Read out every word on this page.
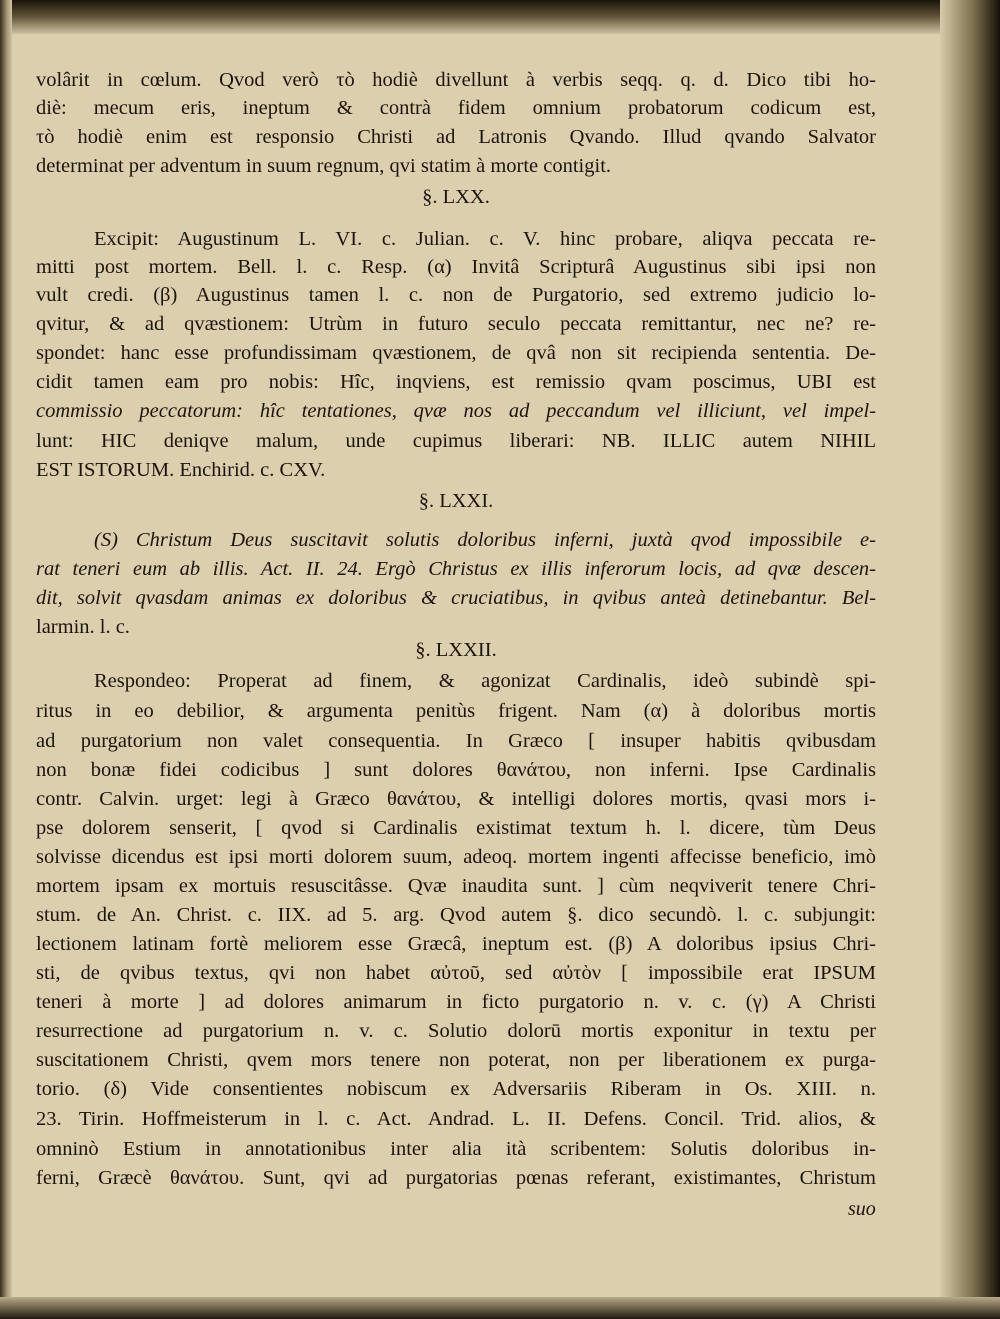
volârit in cœlum. Qvod verò τò hodiè divellunt à verbis seqq. q. d. Dico tibi ho-
diè: mecum eris, ineptum & contrà fidem omnium probatorum codicum est,
τò hodiè enim est responsio Christi ad Latronis Qvando. Illud qvando Salvator
determinat per adventum in suum regnum, qvi statim à morte contigit.
§. LXX.
Excipit: Augustinum L. VI. c. Julian. c. V. hinc probare, aliqva peccata re-
mitti post mortem. Bell. l. c. Resp. (α) Invitâ Scripturâ Augustinus sibi ipsi non
vult credi. (β) Augustinus tamen l. c. non de Purgatorio, sed extremo judicio lo-
qvitur, & ad qvæstionem: Utrùm in futuro seculo peccata remittantur, nec ne? re-
spondet: hanc esse profundissimam qvæstionem, de qvâ non sit recipienda sententia. De-
cidit tamen eam pro nobis: Hîc, inqviens, est remissio qvam poscimus, UBI est
commissio peccatorum: hîc tentationes, qvæ nos ad peccandum vel illiciunt, vel impel-
lunt: HIC deniqve malum, unde cupimus liberari: NB. ILLIC autem NIHIL
EST ISTORUM. Enchirid. c. CXV.
§. LXXI.
(S) Christum Deus suscitavit solutis doloribus inferni, juxtà qvod impossibile e-
rat teneri eum ab illis. Act. II. 24. Ergò Christus ex illis inferorum locis, ad qvæ descen-
dit, solvit qvasdam animas ex doloribus & cruciatibus, in qvibus anteà detinebantur. Bel-
larmin. l. c.
§. LXXII.
Respondeo: Properat ad finem, & agonizat Cardinalis, ideò subindè spi-
ritus in eo debilior, & argumenta penitùs frigent. Nam (α) à doloribus mortis
ad purgatorium non valet consequentia. In Græco [ insuper habitis qvibusdam
non bonæ fidei codicibus ] sunt dolores θανάτου, non inferni. Ipse Cardinalis
contr. Calvin. urget: legi à Græco θανάτου, & intelligi dolores mortis, qvasi mors i-
pse dolorem senserit, [ qvod si Cardinalis existimat textum h. l. dicere, tùm Deus
solvisse dicendus est ipsi morti dolorem suum, adeoq. mortem ingenti affecisse beneficio, imò
mortem ipsam ex mortuis resuscitâsse. Qvæ inaudita sunt. ] cùm neqviverit tenere Chri-
stum. de An. Christ. c. IIX. ad 5. arg. Qvod autem §. dico secundò. l. c. subjungit:
lectionem latinam fortè meliorem esse Græcâ, ineptum est. (β) A doloribus ipsius Chri-
sti, de qvibus textus, qvi non habet αὐτοῦ, sed αὐτὸν [ impossibile erat IPSUM
teneri à morte ] ad dolores animarum in ficto purgatorio n. v. c. (γ) A Christi
resurrectione ad purgatorium n. v. c. Solutio dolorū mortis exponitur in textu per
suscitationem Christi, qvem mors tenere non poterat, non per liberationem ex purga-
torio. (δ) Vide consentientes nobiscum ex Adversariis Riberam in Os. XIII. n.
23. Tirin. Hoffmeisterum in l. c. Act. Andrad. L. II. Defens. Concil. Trid. alios, &
omninò Estium in annotationibus inter alia ità scribentem: Solutis doloribus in-
ferni, Græcè θανάτου. Sunt, qvi ad purgatorias pœnas referant, existimantes, Christum
suo
